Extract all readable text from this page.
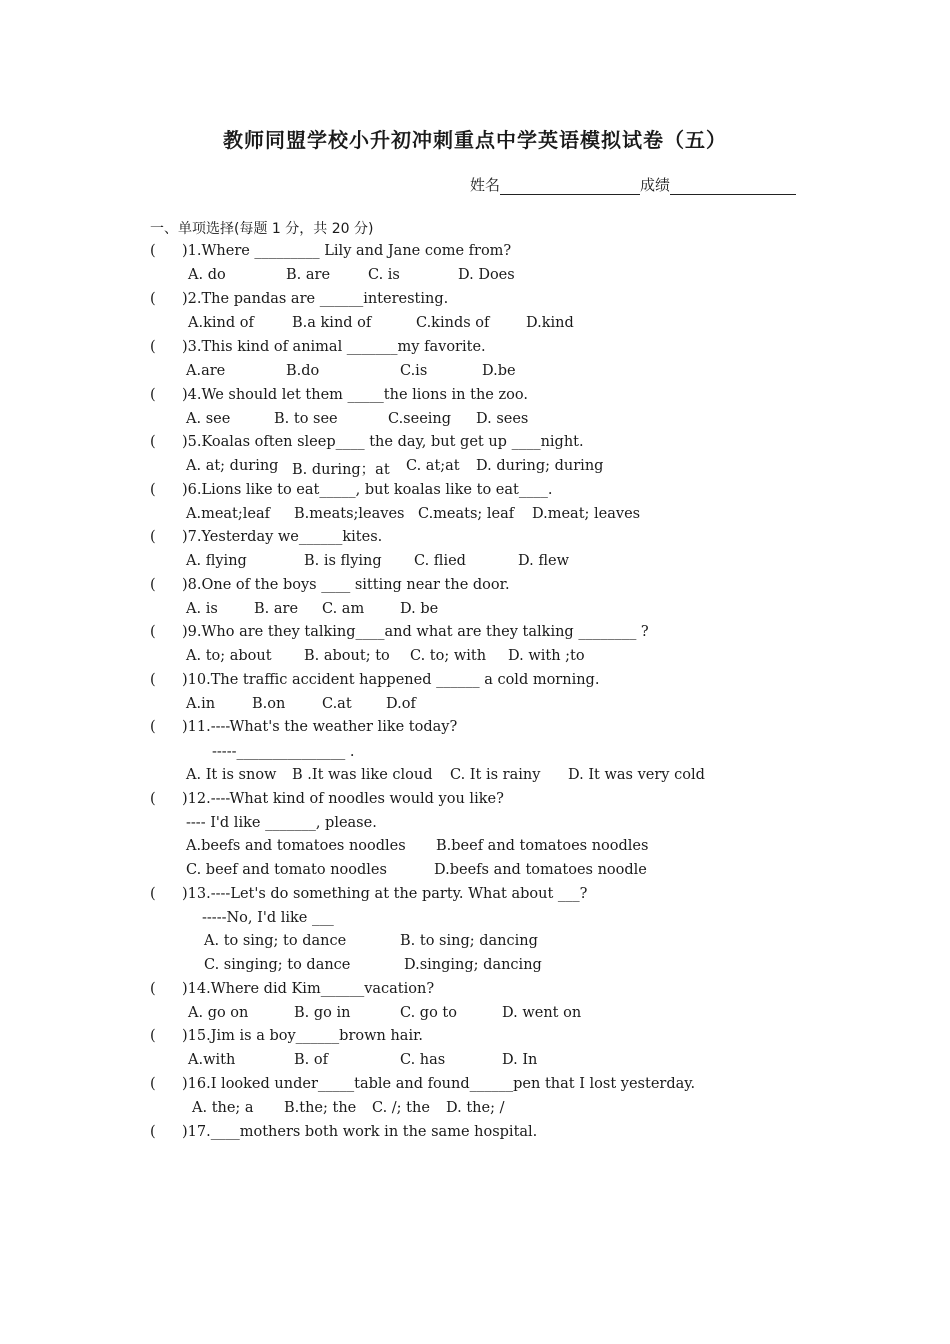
教师同盟学校小升初冲刺重点中学英语模拟试卷（五）
姓名	成绩
一、单项选择(每题 1 分，共 20 分)
( )1.Where _________ Lily and Jane come from?
A. do	B. are	C. is	D. Does
( )2.The pandas are ______interesting.
A.kind of	B.a kind of	C.kinds of	D.kind
( )3.This kind of animal _______my favorite.
A.are	B.do	C.is	D.be
( )4.We should let them _____the lions in the zoo.
A. see	B. to see	C.seeing D. sees
( )5.Koalas often sleep____ the day, but get up ____night.
A. at; during B. during；at C. at;at D. during; during
( )6.Lions like to eat_____, but koalas like to eat____.
A.meat;leaf B.meats;leaves C.meats; leaf D.meat; leaves
( )7.Yesterday we______kites.
A. flying	B. is flying C. flied	D. flew
( )8.One of the boys ____ sitting near the door.
A. is B. are C. am D. be
( )9.Who are they talking____and what are they talking ________ ?
A. to; about B. about; to C. to; with D. with ;to
( )10.The traffic accident happened ______ a cold morning.
A.in	B.on	C.at D.of
( )11.----What's the weather like today?
-----_______________ .
A. It is snow B .It was like cloud C. It is rainy D. It was very cold
( )12.----What kind of noodles would you like?
---- I'd like _______, please.
A.beefs and tomatoes noodles B.beef and tomatoes noodles
C. beef and tomato noodles	D.beefs and tomatoes noodle
( )13.----Let's do something at the party. What about ___?
-----No, I'd like ___
A. to sing; to dance	B. to sing; dancing
C. singing; to dance	D.singing; dancing
( )14.Where did Kim______vacation?
A. go on	B. go in	C. go to	D. went on
( )15.Jim is a boy______brown hair.
A.with	B. of	C. has	D. In
( )16.I looked under_____table and found______pen that I lost yesterday.
A. the; a B.the; the C. /; the D. the; /
( )17.____mothers both work in the same hospital.
